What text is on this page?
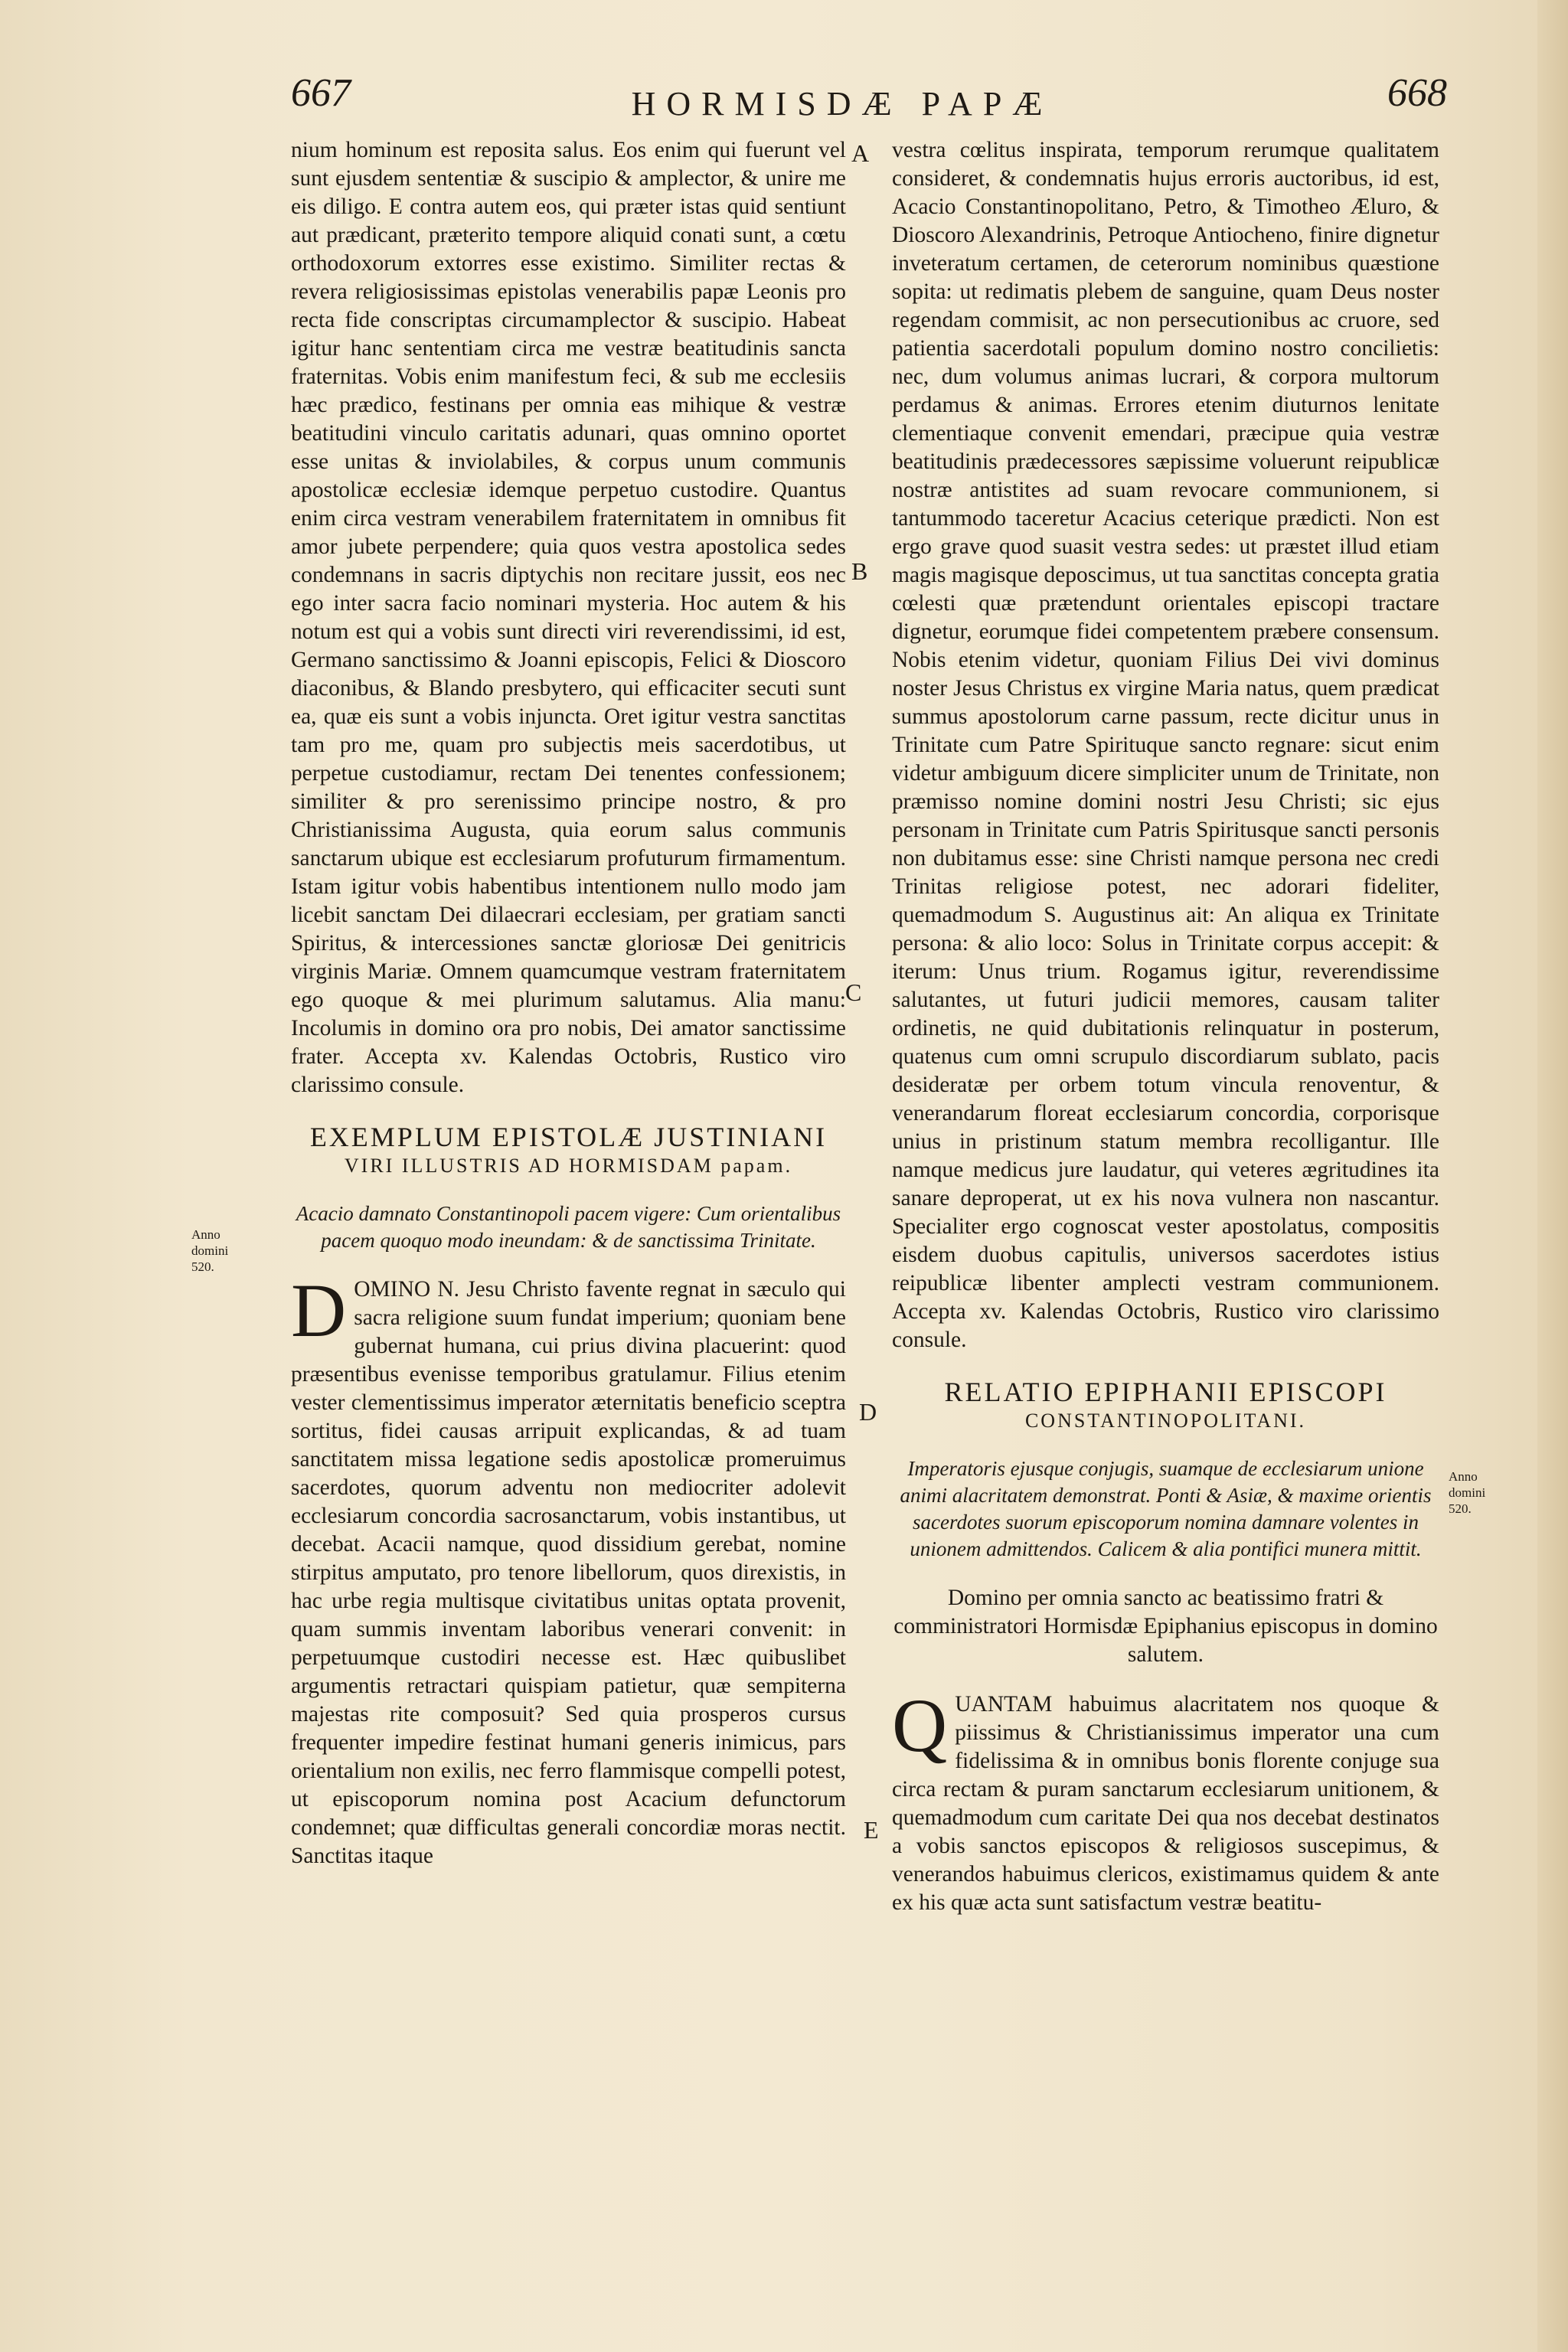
667	HORMISDÆ PAPÆ	668
A
B
C
D
E
Anno domini 520.
Anno domini 520.

nium hominum est reposita salus. Eos enim qui fuerunt vel sunt ejusdem sententiæ & suscipio & amplector, & unire me eis diligo. E contra autem eos, qui præter istas quid sentiunt aut prædicant, præterito tempore aliquid conati sunt, a cœtu orthodoxorum extorres esse existimo. Similiter rectas & revera religiosissimas epistolas venerabilis papæ Leonis pro recta fide conscriptas circumamplector & suscipio. Habeat igitur hanc sententiam circa me vestræ beatitudinis sancta fraternitas. Vobis enim manifestum feci, & sub me ecclesiis hæc prædico, festinans per omnia eas mihique & vestræ beatitudini vinculo caritatis adunari, quas omnino oportet esse unitas & inviolabiles, & corpus unum communis apostolicæ ecclesiæ idemque perpetuo custodire. Quantus enim circa vestram venerabilem fraternitatem in omnibus fit amor jubete perpendere; quia quos vestra apostolica sedes condemnans in sacris diptychis non recitare jussit, eos nec ego inter sacra facio nominari mysteria. Hoc autem & his notum est qui a vobis sunt directi viri reverendissimi, id est, Germano sanctissimo & Joanni episcopis, Felici & Dioscoro diaconibus, & Blando presbytero, qui efficaciter secuti sunt ea, quæ eis sunt a vobis injuncta. Oret igitur vestra sanctitas tam pro me, quam pro subjectis meis sacerdotibus, ut perpetue custodiamur, rectam Dei tenentes confessionem; similiter & pro serenissimo principe nostro, & pro Christianissima Augusta, quia eorum salus communis sanctarum ubique est ecclesiarum profuturum firmamentum. Istam igitur vobis habentibus intentionem nullo modo jam licebit sanctam Dei dilaecrari ecclesiam, per gratiam sancti Spiritus, & intercessiones sanctæ gloriosæ Dei genitricis virginis Mariæ. Omnem quamcumque vestram fraternitatem ego quoque & mei plurimum salutamus. Alia manu: Incolumis in domino ora pro nobis, Dei amator sanctissime frater. Accepta xv. Kalendas Octobris, Rustico viro clarissimo consule.

EXEMPLUM EPISTOLÆ JUSTINIANI
VIRI ILLUSTRIS AD HORMISDAM papam.
Acacio damnato Constantinopoli pacem vigere: Cum orientalibus pacem quoquo modo ineundam: & de sanctissima Trinitate.

D OMINO N. Jesu Christo favente regnat in sæculo qui sacra religione suum fundat imperium; quoniam bene gubernat humana, cui prius divina placuerint: quod præsentibus evenisse temporibus gratulamur. Filius etenim vester clementissimus imperator æternitatis beneficio sceptra sortitus, fidei causas arripuit explicandas, & ad tuam sanctitatem missa legatione sedis apostolicæ promeruimus sacerdotes, quorum adventu non mediocriter adolevit ecclesiarum concordia sacrosanctarum, vobis instantibus, ut decebat. Acacii namque, quod dissidium gerebat, nomine stirpitus amputato, pro tenore libellorum, quos direxistis, in hac urbe regia multisque civitatibus unitas optata provenit, quam summis inventam laboribus venerari convenit: in perpetuumque custodiri necesse est. Hæc quibuslibet argumentis retractari quispiam patietur, quæ sempiterna majestas rite composuit? Sed quia prosperos cursus frequenter impedire festinat humani generis inimicus, pars orientalium non exilis, nec ferro flammisque compelli potest, ut episcoporum nomina post Acacium defunctorum condemnet; quæ difficultas generali concordiæ moras nectit. Sanctitas itaque

vestra cœlitus inspirata, temporum rerumque qualitatem consideret, & condemnatis hujus erroris auctoribus, id est, Acacio Constantinopolitano, Petro, & Timotheo Æluro, & Dioscoro Alexandrinis, Petroque Antiocheno, finire dignetur inveteratum certamen, de ceterorum nominibus quæstione sopita: ut redimatis plebem de sanguine, quam Deus noster regendam commisit, ac non persecutionibus ac cruore, sed patientia sacerdotali populum domino nostro concilietis: nec, dum volumus animas lucrari, & corpora multorum perdamus & animas. Errores etenim diuturnos lenitate clementiaque convenit emendari, præcipue quia vestræ beatitudinis prædecessores sæpissime voluerunt reipublicæ nostræ antistites ad suam revocare communionem, si tantummodo taceretur Acacius ceterique prædicti. Non est ergo grave quod suasit vestra sedes: ut præstet illud etiam magis magisque deposcimus, ut tua sanctitas concepta gratia cœlesti quæ prætendunt orientales episcopi tractare dignetur, eorumque fidei competentem præbere consensum. Nobis etenim videtur, quoniam Filius Dei vivi dominus noster Jesus Christus ex virgine Maria natus, quem prædicat summus apostolorum carne passum, recte dicitur unus in Trinitate cum Patre Spirituque sancto regnare: sicut enim videtur ambiguum dicere simpliciter unum de Trinitate, non præmisso nomine domini nostri Jesu Christi; sic ejus personam in Trinitate cum Patris Spiritusque sancti personis non dubitamus esse: sine Christi namque persona nec credi Trinitas religiose potest, nec adorari fideliter, quemadmodum S. Augustinus ait: An aliqua ex Trinitate persona: & alio loco: Solus in Trinitate corpus accepit: & iterum: Unus trium. Rogamus igitur, reverendissime salutantes, ut futuri judicii memores, causam taliter ordinetis, ne quid dubitationis relinquatur in posterum, quatenus cum omni scrupulo discordiarum sublato, pacis desideratæ per orbem totum vincula renoventur, & venerandarum floreat ecclesiarum concordia, corporisque unius in pristinum statum membra recolligantur. Ille namque medicus jure laudatur, qui veteres ægritudines ita sanare deproperat, ut ex his nova vulnera non nascantur. Specialiter ergo cognoscat vester apostolatus, compositis eisdem duobus capitulis, universos sacerdotes istius reipublicæ libenter amplecti vestram communionem. Accepta xv. Kalendas Octobris, Rustico viro clarissimo consule.

RELATIO EPIPHANII EPISCOPI
CONSTANTINOPOLITANI.
Imperatoris ejusque conjugis, suamque de ecclesiarum unione animi alacritatem demonstrat. Ponti & Asiæ, & maxime orientis sacerdotes suorum episcoporum nomina damnare volentes in unionem admittendos. Calicem & alia pontifici munera mittit.
Domino per omnia sancto ac beatissimo fratri & comministratori Hormisdæ Epiphanius episcopus in domino salutem.

Q UANTAM habuimus alacritatem nos quoque & piissimus & Christianissimus imperator una cum fidelissima & in omnibus bonis florente conjuge sua circa rectam & puram sanctarum ecclesiarum unitionem, & quemadmodum cum caritate Dei qua nos decebat destinatos a vobis sanctos episcopos & religiosos suscepimus, & venerandos habuimus clericos, existimamus quidem & ante ex his quæ acta sunt satisfactum vestræ beatitu-
